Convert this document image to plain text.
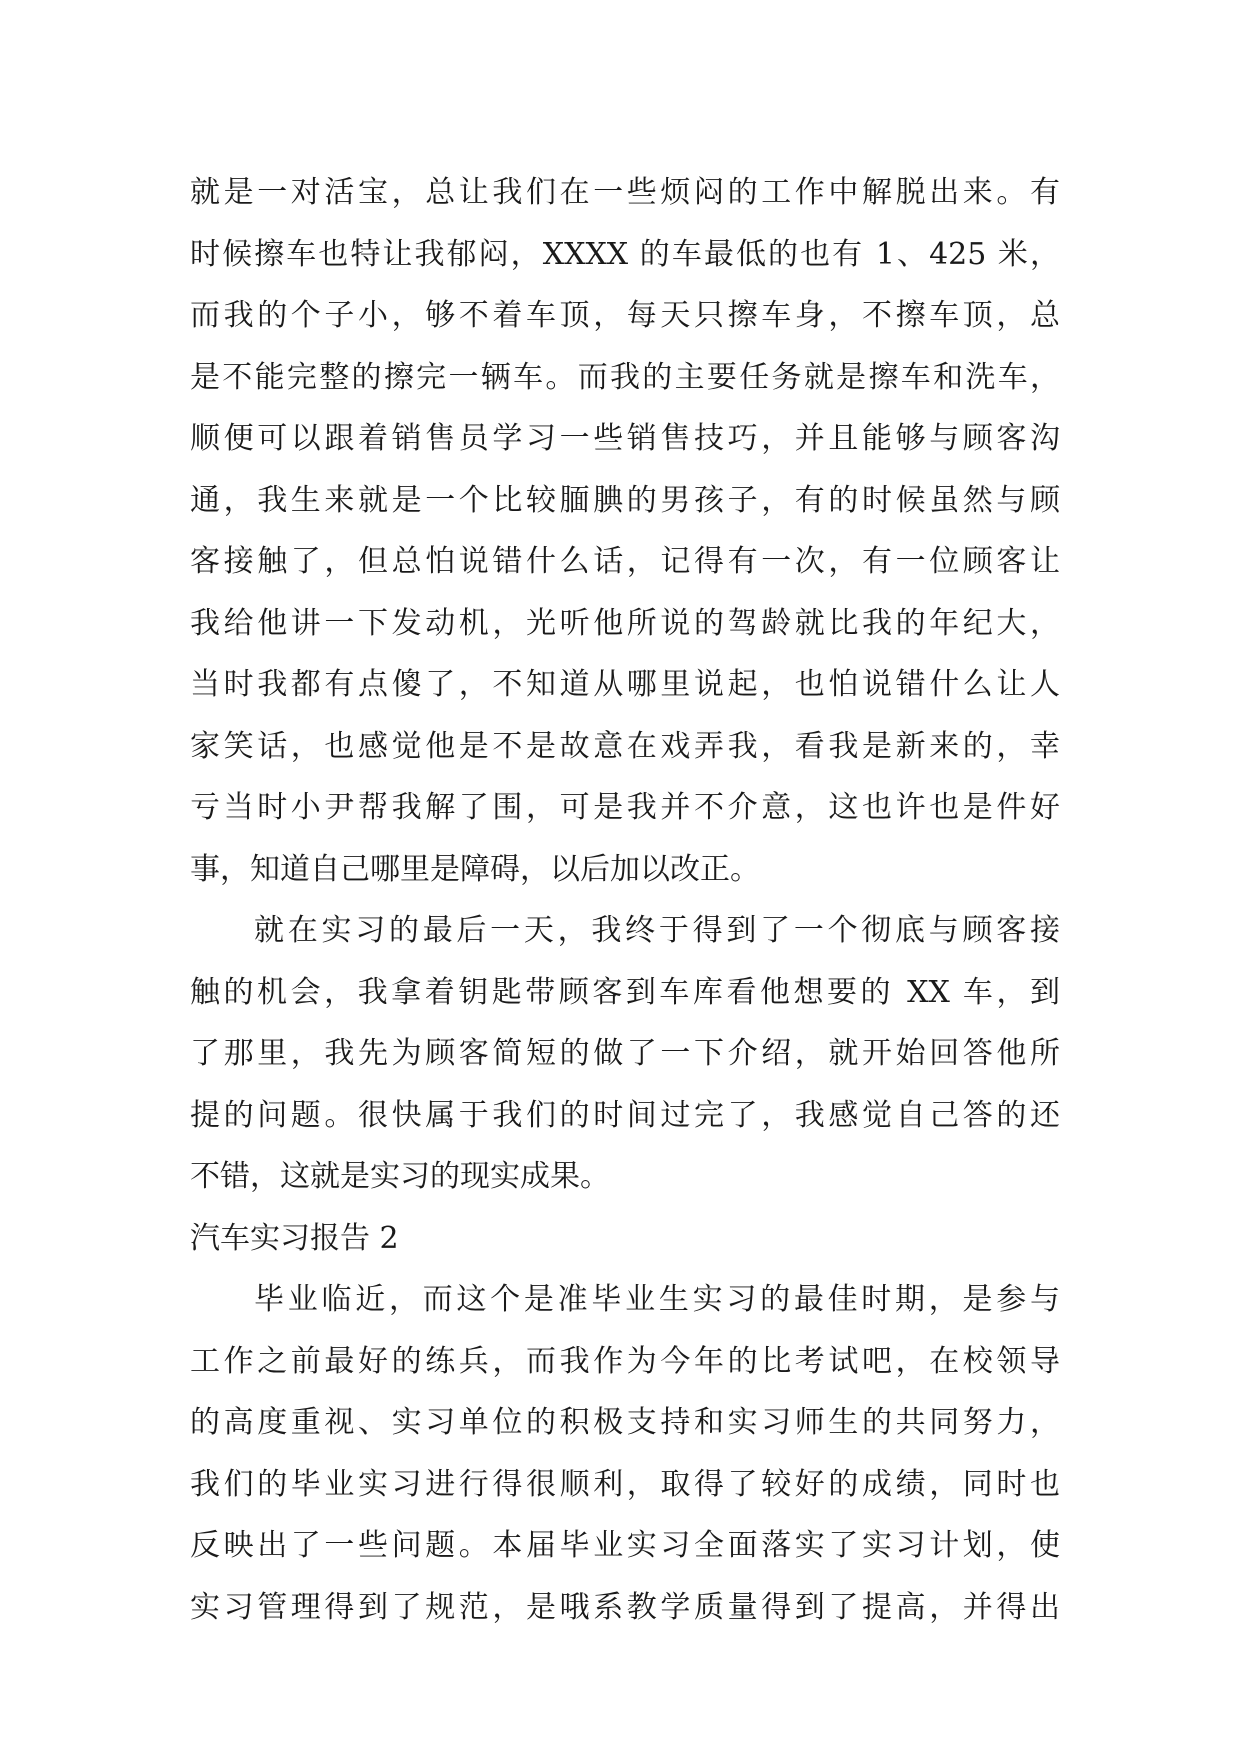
就是一对活宝，总让我们在一些烦闷的工作中解脱出来。有
时候擦车也特让我郁闷，XXXX 的车最低的也有 1、425 米，
而我的个子小，够不着车顶，每天只擦车身，不擦车顶，总
是不能完整的擦完一辆车。而我的主要任务就是擦车和洗车，
顺便可以跟着销售员学习一些销售技巧，并且能够与顾客沟
通，我生来就是一个比较腼腆的男孩子，有的时候虽然与顾
客接触了，但总怕说错什么话，记得有一次，有一位顾客让
我给他讲一下发动机，光听他所说的驾龄就比我的年纪大，
当时我都有点傻了，不知道从哪里说起，也怕说错什么让人
家笑话，也感觉他是不是故意在戏弄我，看我是新来的，幸
亏当时小尹帮我解了围，可是我并不介意，这也许也是件好
事，知道自己哪里是障碍，以后加以改正。
就在实习的最后一天，我终于得到了一个彻底与顾客接
触的机会，我拿着钥匙带顾客到车库看他想要的 XX 车，到
了那里，我先为顾客简短的做了一下介绍，就开始回答他所
提的问题。很快属于我们的时间过完了，我感觉自己答的还
不错，这就是实习的现实成果。
汽车实习报告 2
毕业临近，而这个是准毕业生实习的最佳时期，是参与
工作之前最好的练兵，而我作为今年的比考试吧，在校领导
的高度重视、实习单位的积极支持和实习师生的共同努力，
我们的毕业实习进行得很顺利，取得了较好的成绩，同时也
反映出了一些问题。本届毕业实习全面落实了实习计划，使
实习管理得到了规范，是哦系教学质量得到了提高，并得出
